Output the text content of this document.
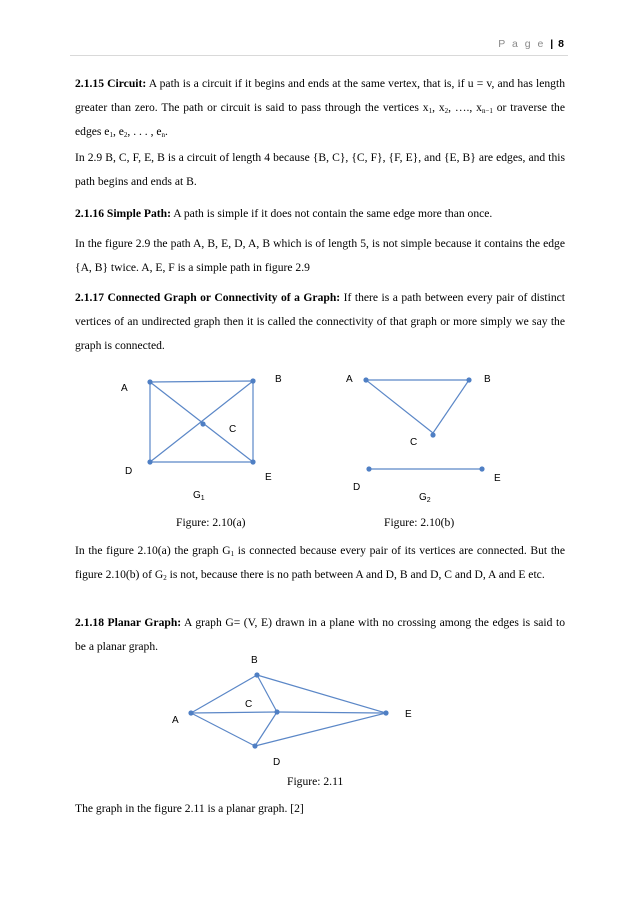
P a g e | 8

2.1.15 Circuit: A path is a circuit if it begins and ends at the same vertex, that is, if u = v, and has length greater than zero. The path or circuit is said to pass through the vertices $x_1$, $x_2$, …., $x_{n-1}$ or traverse the edges $e_1$, $e_2$, . . . , $e_n$.

In 2.9 B, C, F, E, B is a circuit of length 4 because {B, C}, {C, F}, {F, E}, and {E, B} are edges, and this path begins and ends at B.

2.1.16 Simple Path: A path is simple if it does not contain the same edge more than once.

In the figure 2.9 the path A, B, E, D, A, B which is of length 5, is not simple because it contains the edge {A, B} twice. A, E, F is a simple path in figure 2.9

2.1.17 Connected Graph or Connectivity of a Graph: If there is a path between every pair of distinct vertices of an undirected graph then it is called the connectivity of that graph or more simply we say the graph is connected.

A
B
C
D
E
$G_1$
Figure: 2.10(a)
A	B
C
D
E
$G_2$
Figure: 2.10(b)

In the figure 2.10(a) the graph $G_1$ is connected because every pair of its vertices are connected. But the figure 2.10(b) of $G_2$ is not, because there is no path between A and D, B and D, C and D, A and E etc.

2.1.18 Planar Graph: A graph G= (V, E) drawn in a plane with no crossing among the edges is said to be a planar graph.

B
C
A
E
D
Figure: 2.11

The graph in the figure 2.11 is a planar graph. [2]
